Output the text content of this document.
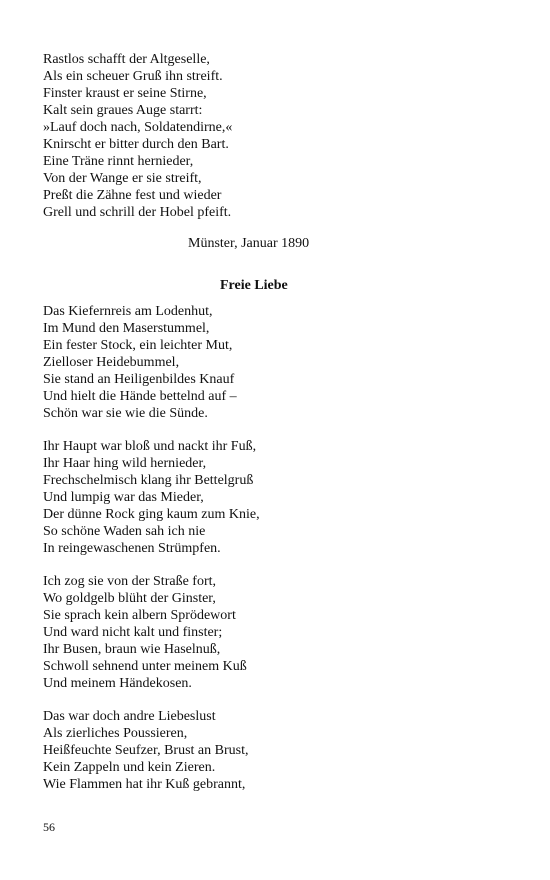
Rastlos schafft der Altgeselle,
Als ein scheuer Gruß ihn streift.
Finster kraust er seine Stirne,
Kalt sein graues Auge starrt:
»Lauf doch nach, Soldatendirne,«
Knirscht er bitter durch den Bart.
Eine Träne rinnt hernieder,
Von der Wange er sie streift,
Preßt die Zähne fest und wieder
Grell und schrill der Hobel pfeift.
Münster, Januar 1890
Freie Liebe
Das Kiefernreis am Lodenhut,
Im Mund den Maserstummel,
Ein fester Stock, ein leichter Mut,
Zielloser Heidebummel,
Sie stand an Heiligenbildes Knauf
Und hielt die Hände bettelnd auf –
Schön war sie wie die Sünde.
Ihr Haupt war bloß und nackt ihr Fuß,
Ihr Haar hing wild hernieder,
Frechschelmisch klang ihr Bettelgruß
Und lumpig war das Mieder,
Der dünne Rock ging kaum zum Knie,
So schöne Waden sah ich nie
In reingewaschenen Strümpfen.
Ich zog sie von der Straße fort,
Wo goldgelb blüht der Ginster,
Sie sprach kein albern Sprödewort
Und ward nicht kalt und finster;
Ihr Busen, braun wie Haselnuß,
Schwoll sehnend unter meinem Kuß
Und meinem Händekosen.
Das war doch andre Liebeslust
Als zierliches Poussieren,
Heißfeuchte Seufzer, Brust an Brust,
Kein Zappeln und kein Zieren.
Wie Flammen hat ihr Kuß gebrannt,
56
